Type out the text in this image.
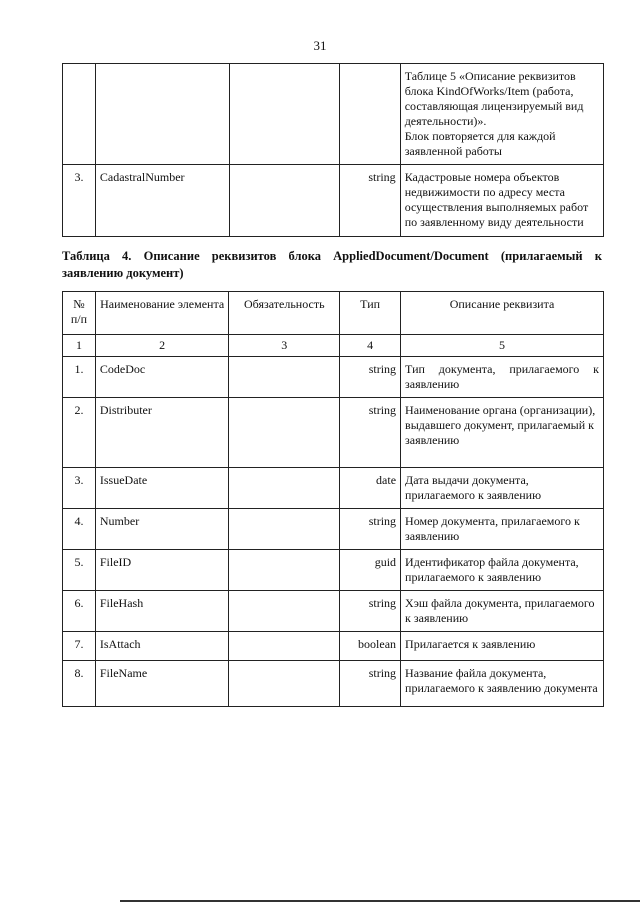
31
				Таблице 5 «Описание реквизитов блока KindOfWorks/Item (работа, составляющая лицензируемый вид деятельности)».
Блок повторяется для каждой заявленной работы
3.	CadastralNumber		string	Кадастровые номера объектов недвижимости по адресу места осуществления выполняемых работ по заявленному виду деятельности
Таблица 4. Описание реквизитов блока AppliedDocument/Document (прилагаемый к
заявлению документ)
№ п/п	Наименование элемента	Обязательность	Тип	Описание реквизита
1	2	3	4	5
1.	CodeDoc		string	Тип документа, прилагаемого к заявлению
2.	Distributer		string	Наименование органа (организации), выдавшего документ, прилагаемый к заявлению
3.	IssueDate		date	Дата выдачи документа, прилагаемого к заявлению
4.	Number		string	Номер документа, прилагаемого к заявлению
5.	FileID		guid	Идентификатор файла документа, прилагаемого к заявлению
6.	FileHash		string	Хэш файла документа, прилагаемого к заявлению
7.	IsAttach		boolean	Прилагается к заявлению
8.	FileName		string	Название файла документа, прилагаемого к заявлению документа
